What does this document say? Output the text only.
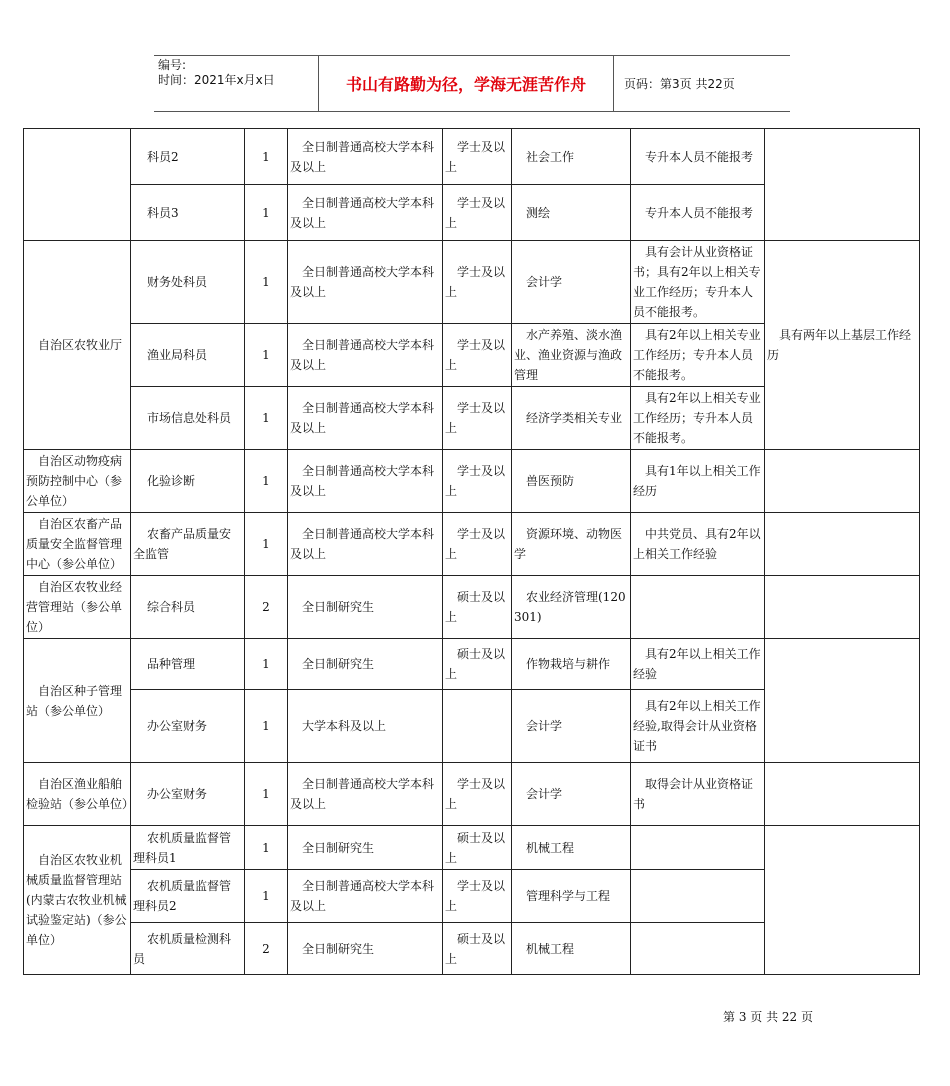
编号:
时间：2021年x月x日	书山有路勤为径，学海无涯苦作舟	页码：第3页 共22页
	科员2	1	全日制普通高校大学本科及以上	学士及以上	社会工作	专升本人员不能报考	
	科员3	1	全日制普通高校大学本科及以上	学士及以上	测绘	专升本人员不能报考	
自治区农牧业厅	财务处科员	1	全日制普通高校大学本科及以上	学士及以上	会计学	具有会计从业资格证书；具有2年以上相关专业工作经历；专升本人员不能报考。	具有两年以上基层工作经历
	渔业局科员	1	全日制普通高校大学本科及以上	学士及以上	水产养殖、淡水渔业、渔业资源与渔政管理	具有2年以上相关专业工作经历；专升本人员不能报考。	
	市场信息处科员	1	全日制普通高校大学本科及以上	学士及以上	经济学类相关专业	具有2年以上相关专业工作经历；专升本人员不能报考。	
自治区动物疫病预防控制中心（参公单位）	化验诊断	1	全日制普通高校大学本科及以上	学士及以上	兽医预防	具有1年以上相关工作经历	
自治区农畜产品质量安全监督管理中心（参公单位）	农畜产品质量安全监管	1	全日制普通高校大学本科及以上	学士及以上	资源环境、动物医学	中共党员、具有2年以上相关工作经验	
自治区农牧业经营管理站（参公单位）	综合科员	2	全日制研究生	硕士及以上	农业经济管理(120301)		
自治区种子管理站（参公单位）	品种管理	1	全日制研究生	硕士及以上	作物栽培与耕作	具有2年以上相关工作经验	
	办公室财务	1	大学本科及以上		会计学	具有2年以上相关工作经验,取得会计从业资格证书	
自治区渔业船舶检验站（参公单位）	办公室财务	1	全日制普通高校大学本科及以上	学士及以上	会计学	取得会计从业资格证书	
自治区农牧业机械质量监督管理站(内蒙古农牧业机械试验鉴定站)（参公单位）	农机质量监督管理科员1	1	全日制研究生	硕士及以上	机械工程		
	农机质量监督管理科员2	1	全日制普通高校大学本科及以上	学士及以上	管理科学与工程		
	农机质量检测科员	2	全日制研究生	硕士及以上	机械工程		
第 3 页 共 22 页
